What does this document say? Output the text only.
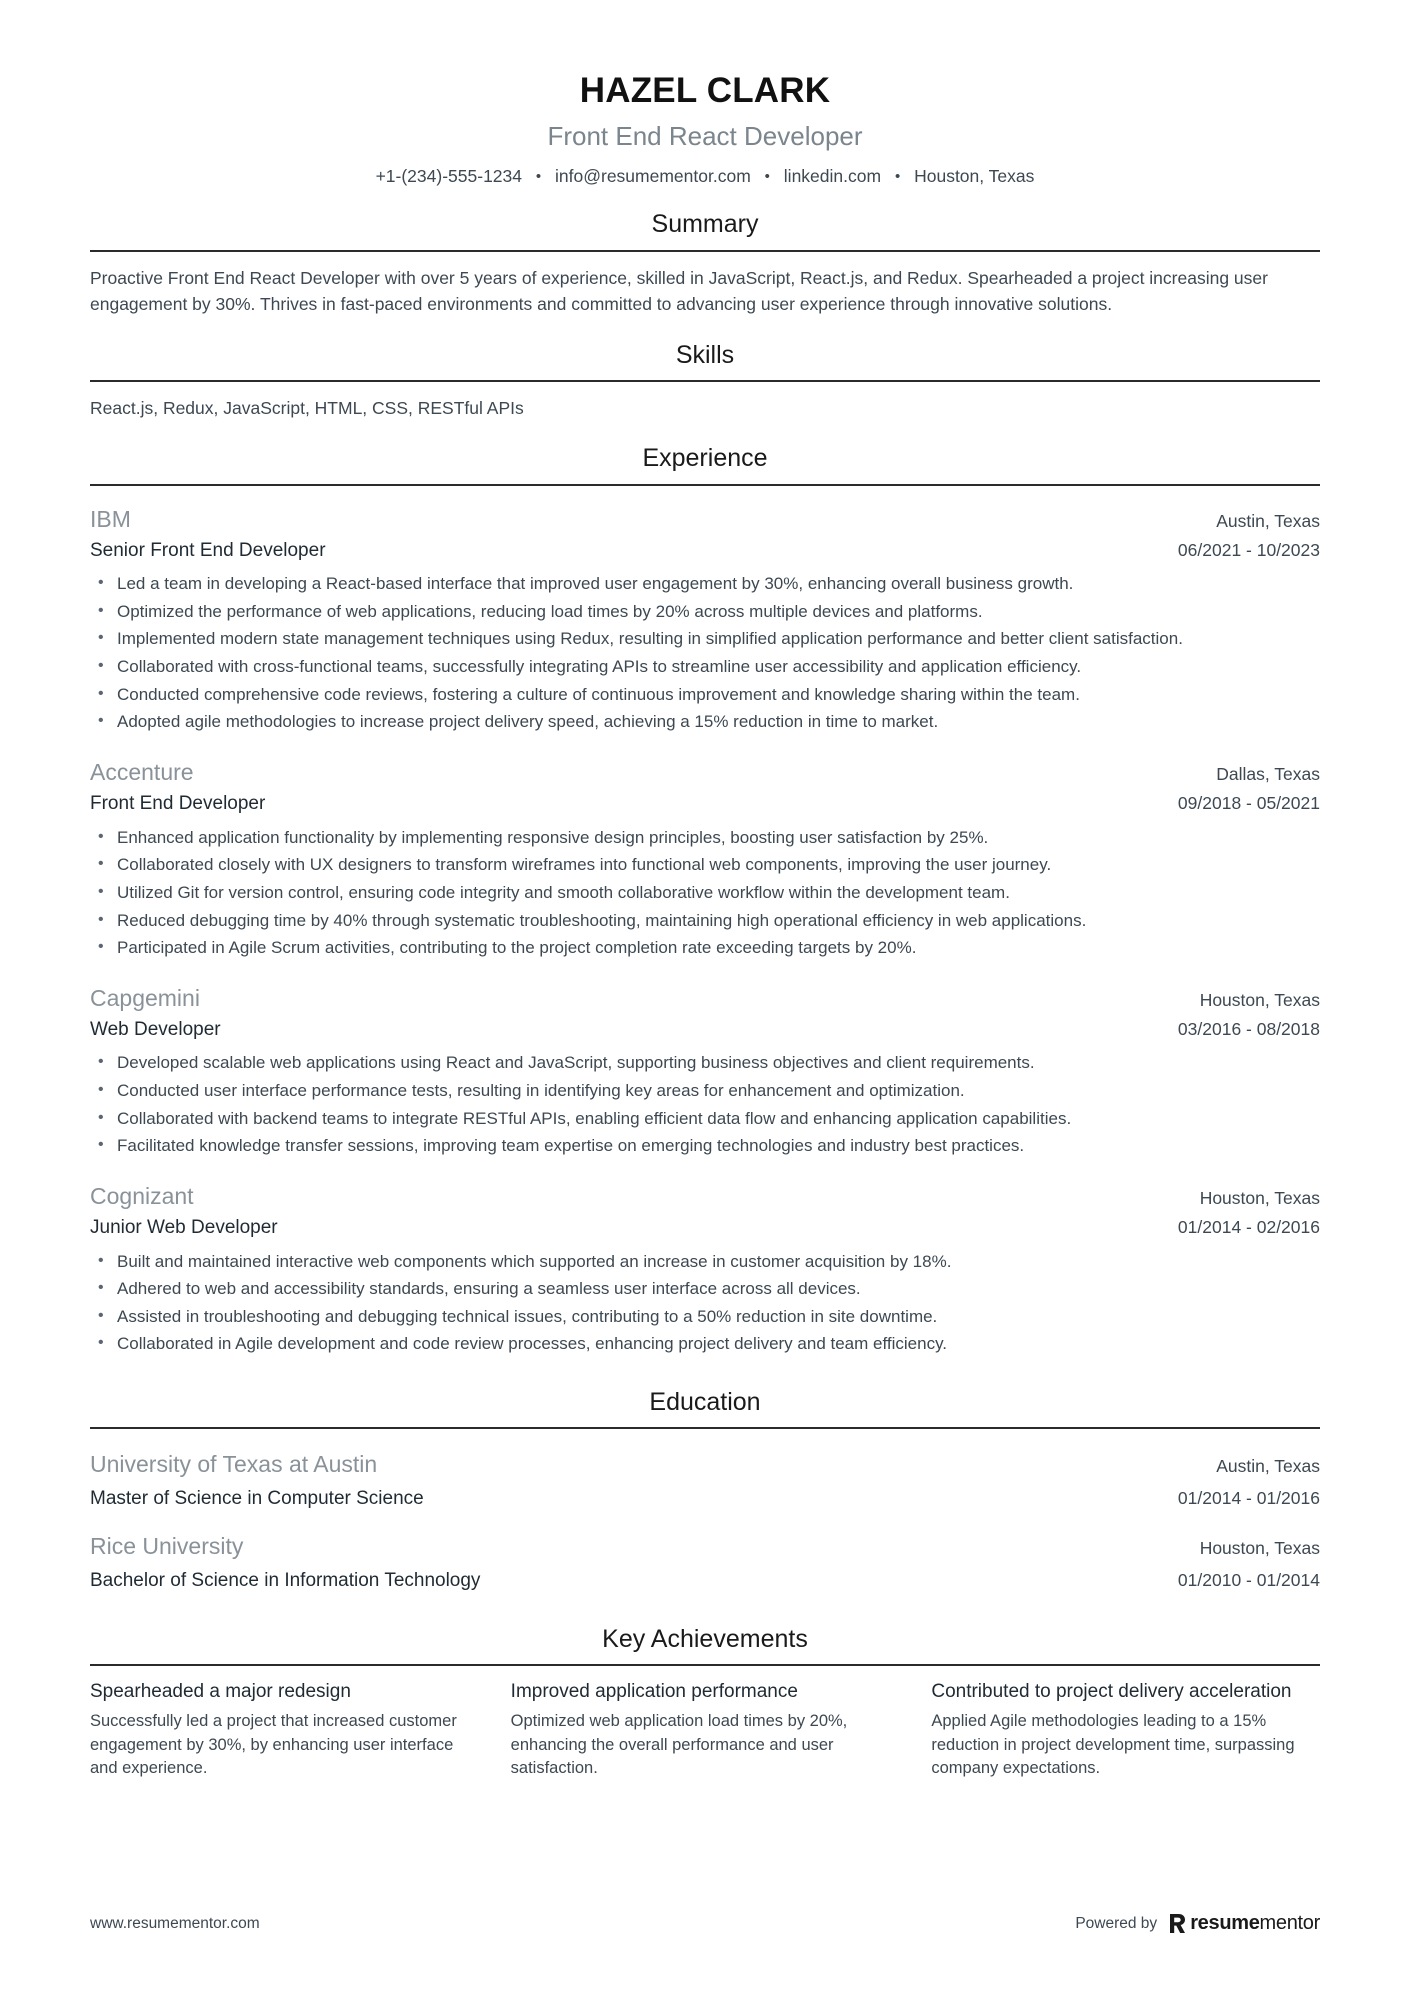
HAZEL CLARK
Front End React Developer
+1-(234)-555-1234 • info@resumementor.com • linkedin.com • Houston, Texas
Summary
Proactive Front End React Developer with over 5 years of experience, skilled in JavaScript, React.js, and Redux. Spearheaded a project increasing user engagement by 30%. Thrives in fast-paced environments and committed to advancing user experience through innovative solutions.
Skills
React.js, Redux, JavaScript, HTML, CSS, RESTful APIs
Experience
IBM	Austin, Texas
Senior Front End Developer	06/2021 - 10/2023
• Led a team in developing a React-based interface that improved user engagement by 30%, enhancing overall business growth.
• Optimized the performance of web applications, reducing load times by 20% across multiple devices and platforms.
• Implemented modern state management techniques using Redux, resulting in simplified application performance and better client satisfaction.
• Collaborated with cross-functional teams, successfully integrating APIs to streamline user accessibility and application efficiency.
• Conducted comprehensive code reviews, fostering a culture of continuous improvement and knowledge sharing within the team.
• Adopted agile methodologies to increase project delivery speed, achieving a 15% reduction in time to market.
Accenture	Dallas, Texas
Front End Developer	09/2018 - 05/2021
• Enhanced application functionality by implementing responsive design principles, boosting user satisfaction by 25%.
• Collaborated closely with UX designers to transform wireframes into functional web components, improving the user journey.
• Utilized Git for version control, ensuring code integrity and smooth collaborative workflow within the development team.
• Reduced debugging time by 40% through systematic troubleshooting, maintaining high operational efficiency in web applications.
• Participated in Agile Scrum activities, contributing to the project completion rate exceeding targets by 20%.
Capgemini	Houston, Texas
Web Developer	03/2016 - 08/2018
• Developed scalable web applications using React and JavaScript, supporting business objectives and client requirements.
• Conducted user interface performance tests, resulting in identifying key areas for enhancement and optimization.
• Collaborated with backend teams to integrate RESTful APIs, enabling efficient data flow and enhancing application capabilities.
• Facilitated knowledge transfer sessions, improving team expertise on emerging technologies and industry best practices.
Cognizant	Houston, Texas
Junior Web Developer	01/2014 - 02/2016
• Built and maintained interactive web components which supported an increase in customer acquisition by 18%.
• Adhered to web and accessibility standards, ensuring a seamless user interface across all devices.
• Assisted in troubleshooting and debugging technical issues, contributing to a 50% reduction in site downtime.
• Collaborated in Agile development and code review processes, enhancing project delivery and team efficiency.
Education
University of Texas at Austin	Austin, Texas
Master of Science in Computer Science	01/2014 - 01/2016
Rice University	Houston, Texas
Bachelor of Science in Information Technology	01/2010 - 01/2014
Key Achievements
Spearheaded a major redesign
Successfully led a project that increased customer engagement by 30%, by enhancing user interface and experience.
Improved application performance
Optimized web application load times by 20%, enhancing the overall performance and user satisfaction.
Contributed to project delivery acceleration
Applied Agile methodologies leading to a 15% reduction in project development time, surpassing company expectations.
www.resumementor.com	Powered by resumementor
